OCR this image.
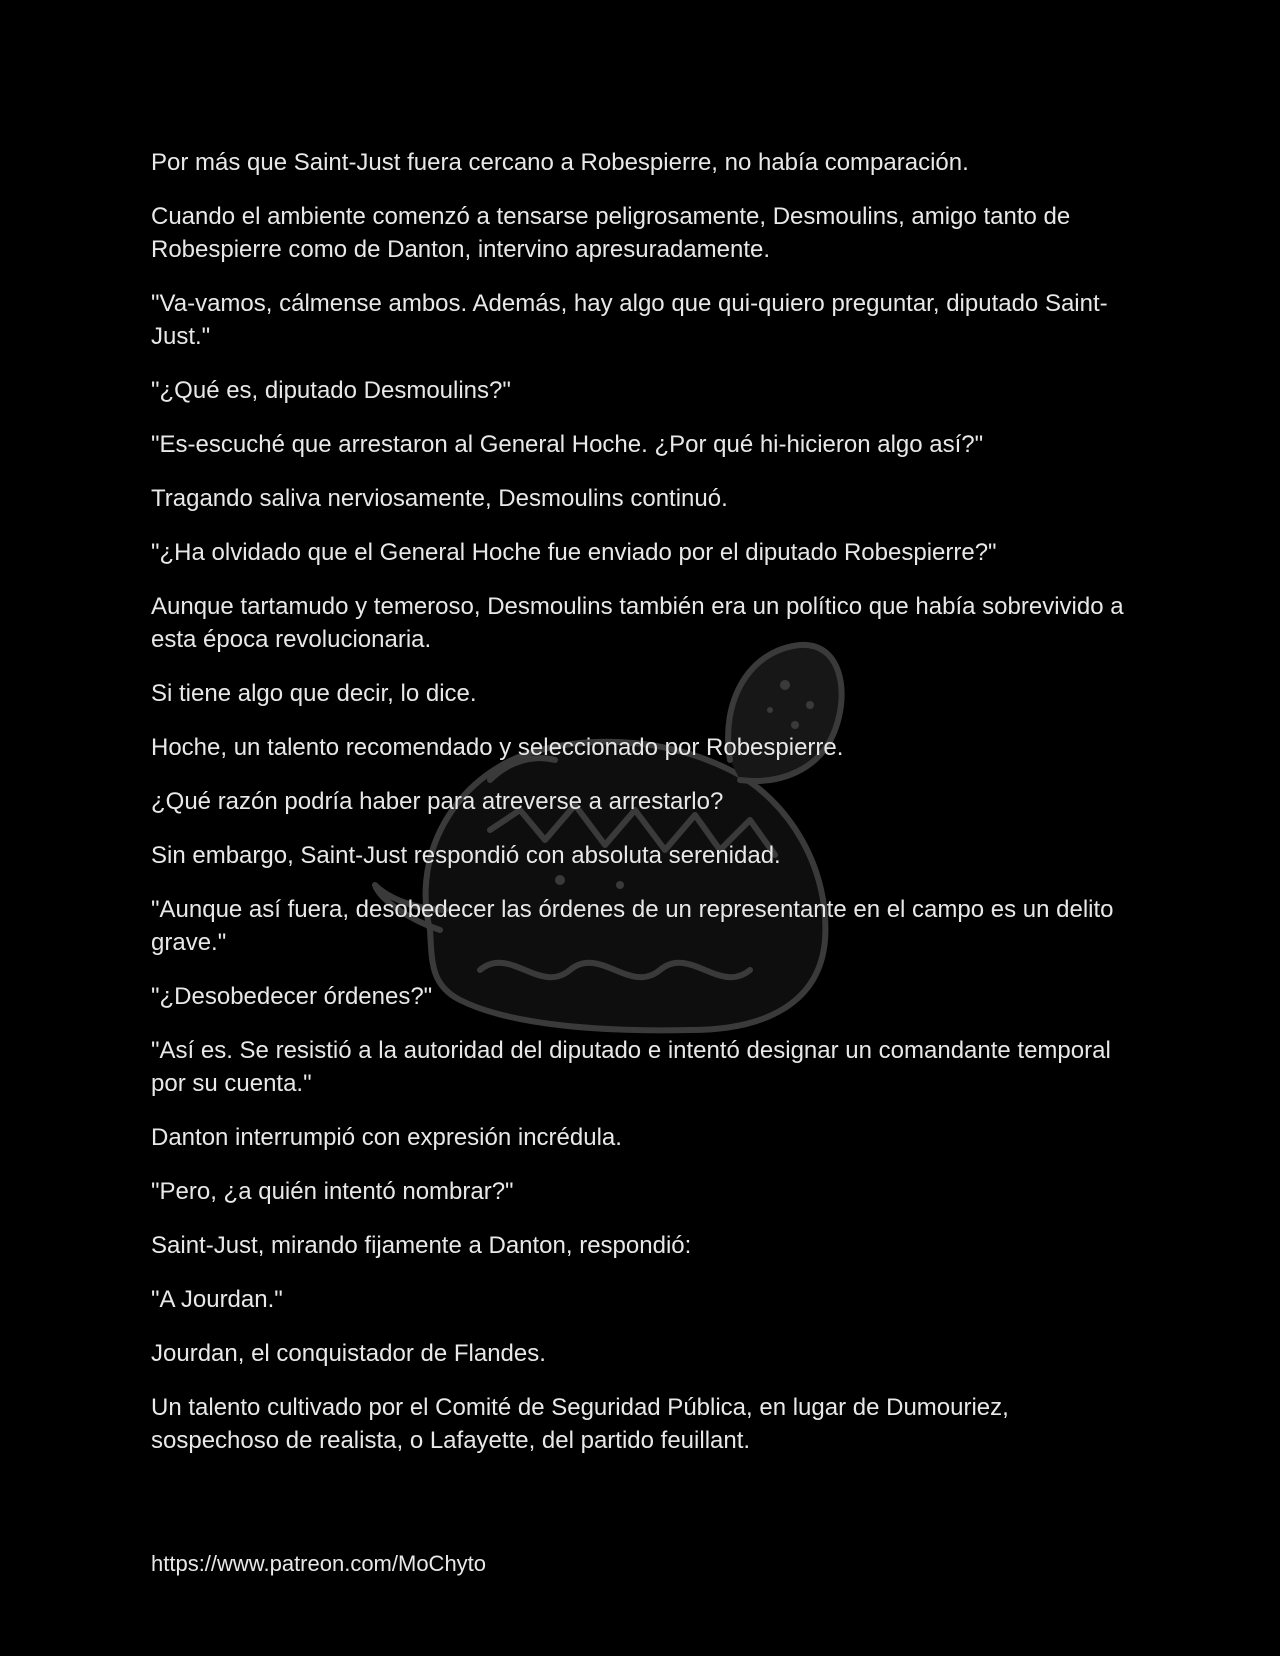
Por más que Saint-Just fuera cercano a Robespierre, no había comparación.

Cuando el ambiente comenzó a tensarse peligrosamente, Desmoulins, amigo tanto de Robespierre como de Danton, intervino apresuradamente.

"Va-vamos, cálmense ambos. Además, hay algo que qui-quiero preguntar, diputado Saint-Just."

"¿Qué es, diputado Desmoulins?"

"Es-escuché que arrestaron al General Hoche. ¿Por qué hi-hicieron algo así?"

Tragando saliva nerviosamente, Desmoulins continuó.

"¿Ha olvidado que el General Hoche fue enviado por el diputado Robespierre?"

Aunque tartamudo y temeroso, Desmoulins también era un político que había sobrevivido a esta época revolucionaria.

Si tiene algo que decir, lo dice.

Hoche, un talento recomendado y seleccionado por Robespierre.

¿Qué razón podría haber para atreverse a arrestarlo?

Sin embargo, Saint-Just respondió con absoluta serenidad.

"Aunque así fuera, desobedecer las órdenes de un representante en el campo es un delito grave."

"¿Desobedecer órdenes?"

"Así es. Se resistió a la autoridad del diputado e intentó designar un comandante temporal por su cuenta."

Danton interrumpió con expresión incrédula.

"Pero, ¿a quién intentó nombrar?"

Saint-Just, mirando fijamente a Danton, respondió:

"A Jourdan."

Jourdan, el conquistador de Flandes.

Un talento cultivado por el Comité de Seguridad Pública, en lugar de Dumouriez, sospechoso de realista, o Lafayette, del partido feuillant.

https://www.patreon.com/MoChyto
